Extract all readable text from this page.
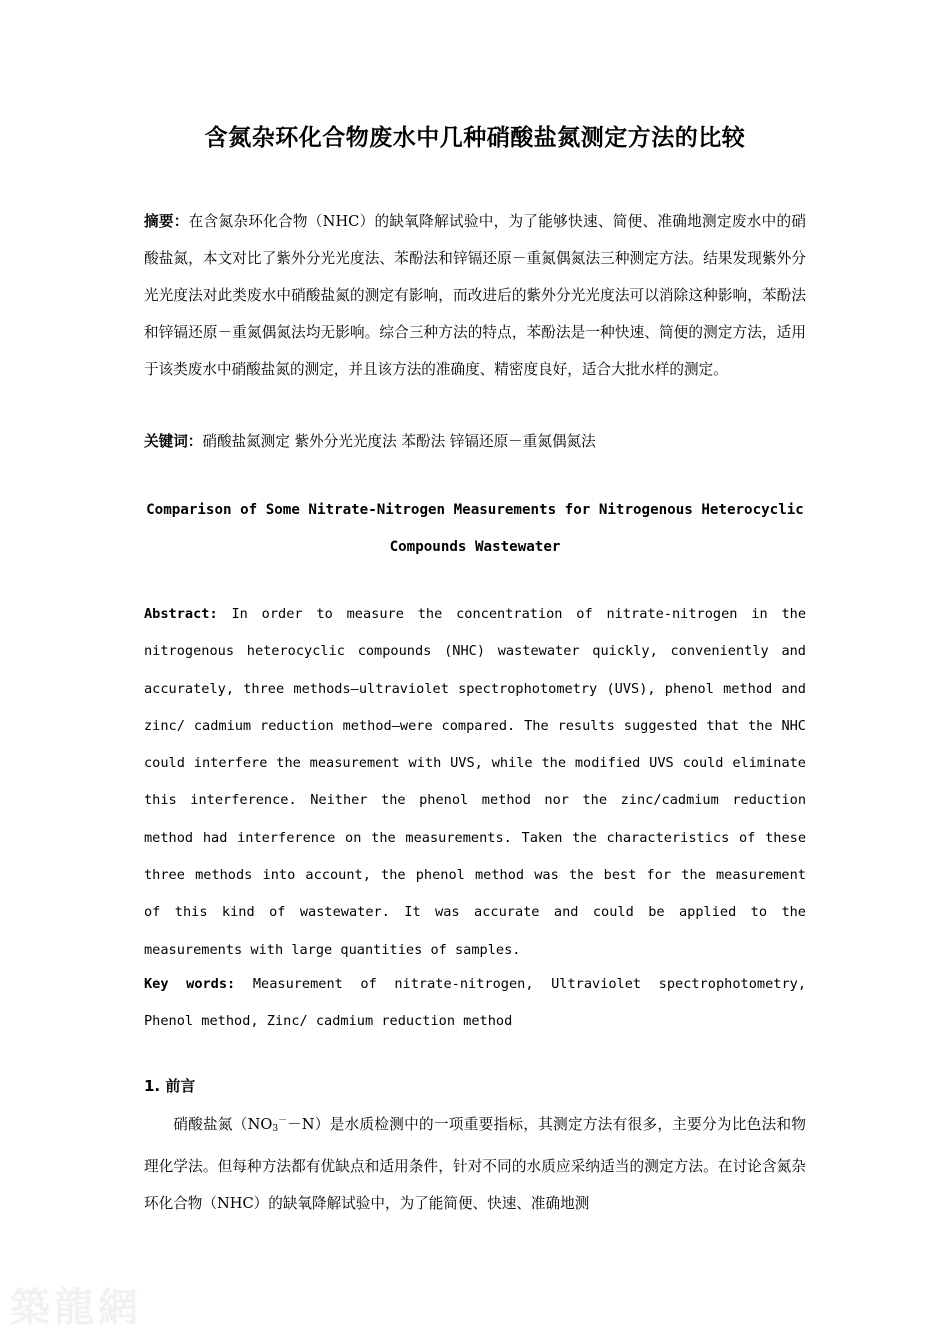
含氮杂环化合物废水中几种硝酸盐氮测定方法的比较
摘要：在含氮杂环化合物（NHC）的缺氧降解试验中，为了能够快速、简便、准确地测定废水中的硝酸盐氮，本文对比了紫外分光光度法、苯酚法和锌镉还原－重氮偶氮法三种测定方法。结果发现紫外分光光度法对此类废水中硝酸盐氮的测定有影响，而改进后的紫外分光光度法可以消除这种影响，苯酚法和锌镉还原－重氮偶氮法均无影响。综合三种方法的特点，苯酚法是一种快速、简便的测定方法，适用于该类废水中硝酸盐氮的测定，并且该方法的准确度、精密度良好，适合大批水样的测定。
关键词：硝酸盐氮测定 紫外分光光度法 苯酚法 锌镉还原－重氮偶氮法
Comparison of Some Nitrate-Nitrogen Measurements for Nitrogenous Heterocyclic
Compounds Wastewater
Abstract: In order to measure the concentration of nitrate-nitrogen in the nitrogenous heterocyclic compounds (NHC) wastewater quickly, conveniently and accurately, three methods—ultraviolet spectrophotometry (UVS), phenol method and zinc/ cadmium reduction method—were compared. The results suggested that the NHC could interfere the measurement with UVS, while the modified UVS could eliminate this interference. Neither the phenol method nor the zinc/cadmium reduction method had interference on the measurements. Taken the characteristics of these three methods into account, the phenol method was the best for the measurement of this kind of wastewater. It was accurate and could be applied to the measurements with large quantities of samples.
Key words: Measurement of nitrate-nitrogen, Ultraviolet spectrophotometry, Phenol method, Zinc/ cadmium reduction method
1. 前言
硝酸盐氮$(NO_3^--N)$是水质检测中的一项重要指标，其测定方法有很多，主要分为比色法和物理化学法。但每种方法都有优缺点和适用条件，针对不同的水质应采纳适当的测定方法。在讨论含氮杂环化合物（NHC）的缺氧降解试验中，为了能简便、快速、准确地测
築龍網
